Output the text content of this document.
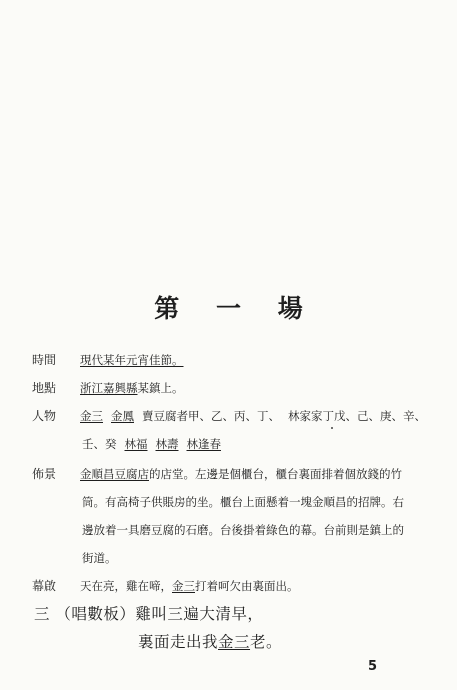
第 一 場
時間 現代某年元宵佳節。
地點 浙江嘉興縣某鎮上。
人物 金三 金鳳 賣豆腐者甲、乙、丙、丁、 林家家丁戊、己、庚、辛、
壬、癸 林福 林壽 林逢春
佈景 金順昌豆腐店的店堂。左邊是個櫃台，櫃台裏面排着個放錢的竹
筒。有高椅子供賬房的坐。櫃台上面懸着一塊金順昌的招牌。右
邊放着一具磨豆腐的石磨。台後掛着綠色的幕。台前則是鎮上的
街道。
幕啟 天在亮，雞在啼，金三打着呵欠由裏面出。
三 （唱數板）雞叫三遍大清早，
裏面走出我金三老。
5
